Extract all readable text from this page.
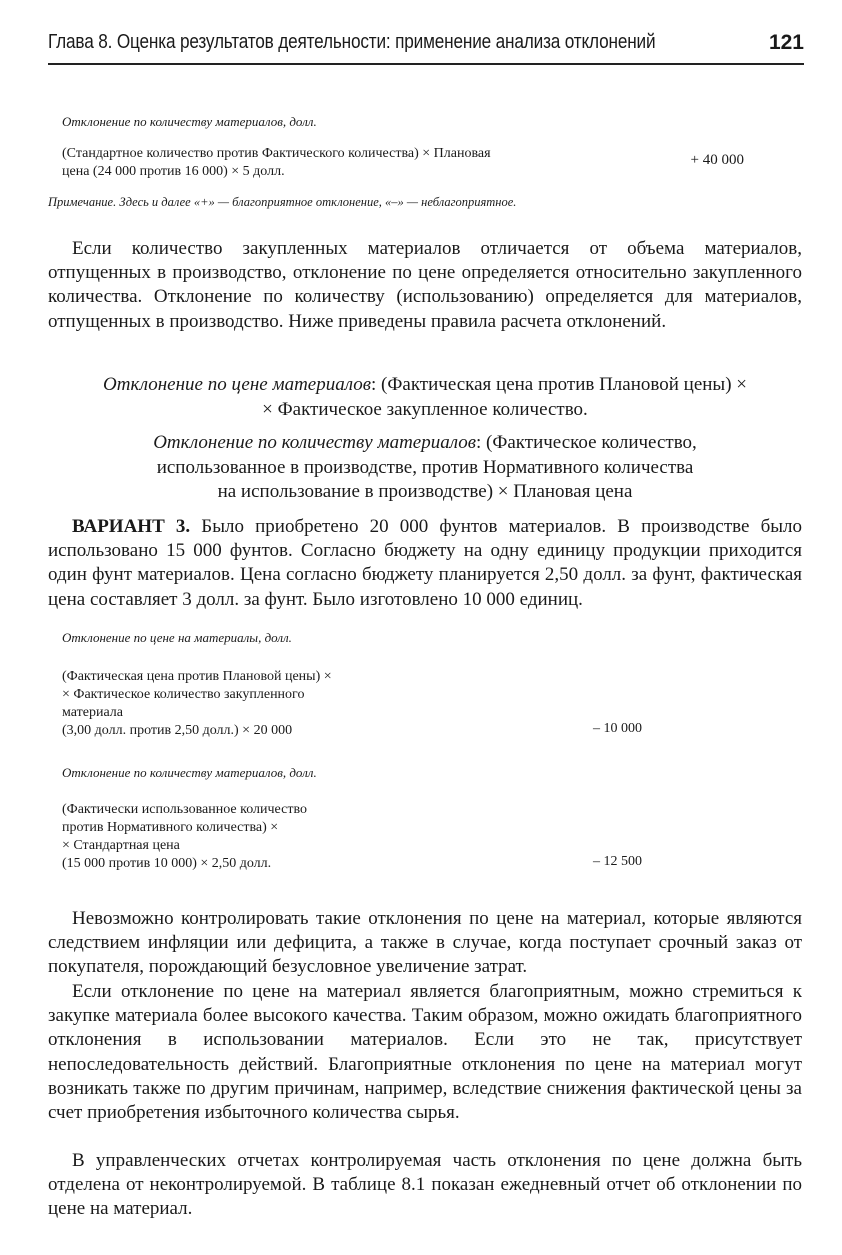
Глава 8. Оценка результатов деятельности: применение анализа отклонений	121
Отклонение по количеству материалов, долл.
(Стандартное количество против Фактического количества) × Плановая
цена (24 000 против 16 000) × 5 долл.
+ 40 000
Примечание. Здесь и далее «+» — благоприятное отклонение, «–» — неблагоприятное.

Если количество закупленных материалов отличается от объема материалов, отпущенных в производство, отклонение по цене определяется относительно закупленного количества. Отклонение по количеству (использованию) определяется для материалов, отпущенных в производство. Ниже приведены правила расчета отклонений.

Отклонение по цене материалов: (Фактическая цена против Плановой цены) ×
× Фактическое закупленное количество.

Отклонение по количеству материалов: (Фактическое количество,
использованное в производстве, против Нормативного количества
на использование в производстве) × Плановая цена

ВАРИАНТ 3. Было приобретено 20 000 фунтов материалов. В производстве было использовано 15 000 фунтов. Согласно бюджету на одну единицу продукции приходится один фунт материалов. Цена согласно бюджету планируется 2,50 долл. за фунт, фактическая цена составляет 3 долл. за фунт. Было изготовлено 10 000 единиц.

Отклонение по цене на материалы, долл.
(Фактическая цена против Плановой цены) ×
× Фактическое количество закупленного
материала
(3,00 долл. против 2,50 долл.) × 20 000	– 10 000
Отклонение по количеству материалов, долл.
(Фактически использованное количество
против Нормативного количества) ×
× Стандартная цена
(15 000 против 10 000) × 2,50 долл.	– 12 500

Невозможно контролировать такие отклонения по цене на материал, которые являются следствием инфляции или дефицита, а также в случае, когда поступает срочный заказ от покупателя, порождающий безусловное увеличение затрат.

Если отклонение по цене на материал является благоприятным, можно стремиться к закупке материала более высокого качества. Таким образом, можно ожидать благоприятного отклонения в использовании материалов. Если это не так, присутствует непоследовательность действий. Благоприятные отклонения по цене на материал могут возникать также по другим причинам, например, вследствие снижения фактической цены за счет приобретения избыточного количества сырья.

В управленческих отчетах контролируемая часть отклонения по цене должна быть отделена от неконтролируемой. В таблице 8.1 показан ежедневный отчет об отклонении по цене на материал.
